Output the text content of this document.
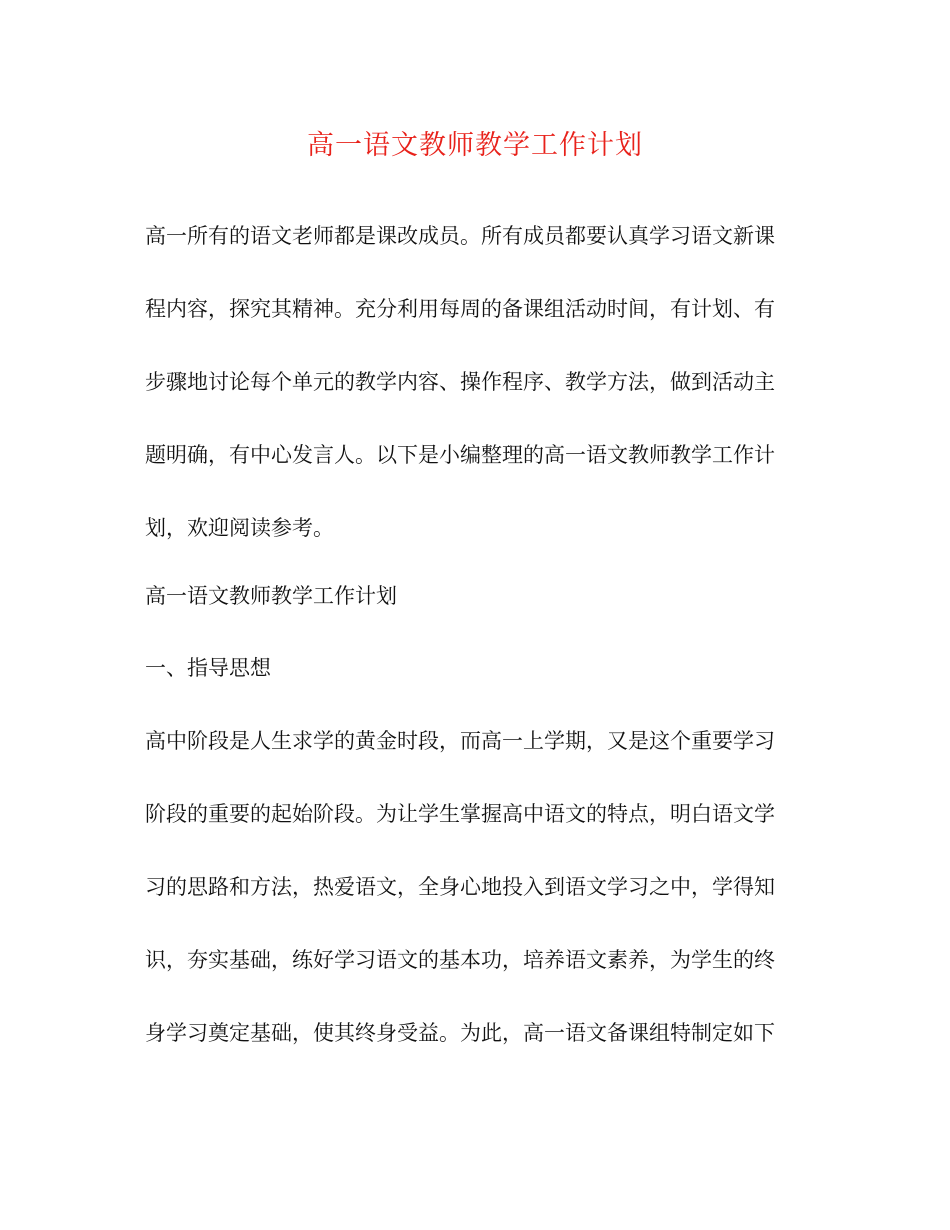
高一语文教师教学工作计划
高一所有的语文老师都是课改成员。所有成员都要认真学习语文新课
程内容，探究其精神。充分利用每周的备课组活动时间，有计划、有
步骤地讨论每个单元的教学内容、操作程序、教学方法，做到活动主
题明确，有中心发言人。以下是小编整理的高一语文教师教学工作计
划，欢迎阅读参考。
高一语文教师教学工作计划
一、指导思想
高中阶段是人生求学的黄金时段，而高一上学期，又是这个重要学习
阶段的重要的起始阶段。为让学生掌握高中语文的特点，明白语文学
习的思路和方法，热爱语文，全身心地投入到语文学习之中，学得知
识，夯实基础，练好学习语文的基本功，培养语文素养，为学生的终
身学习奠定基础，使其终身受益。为此，高一语文备课组特制定如下
